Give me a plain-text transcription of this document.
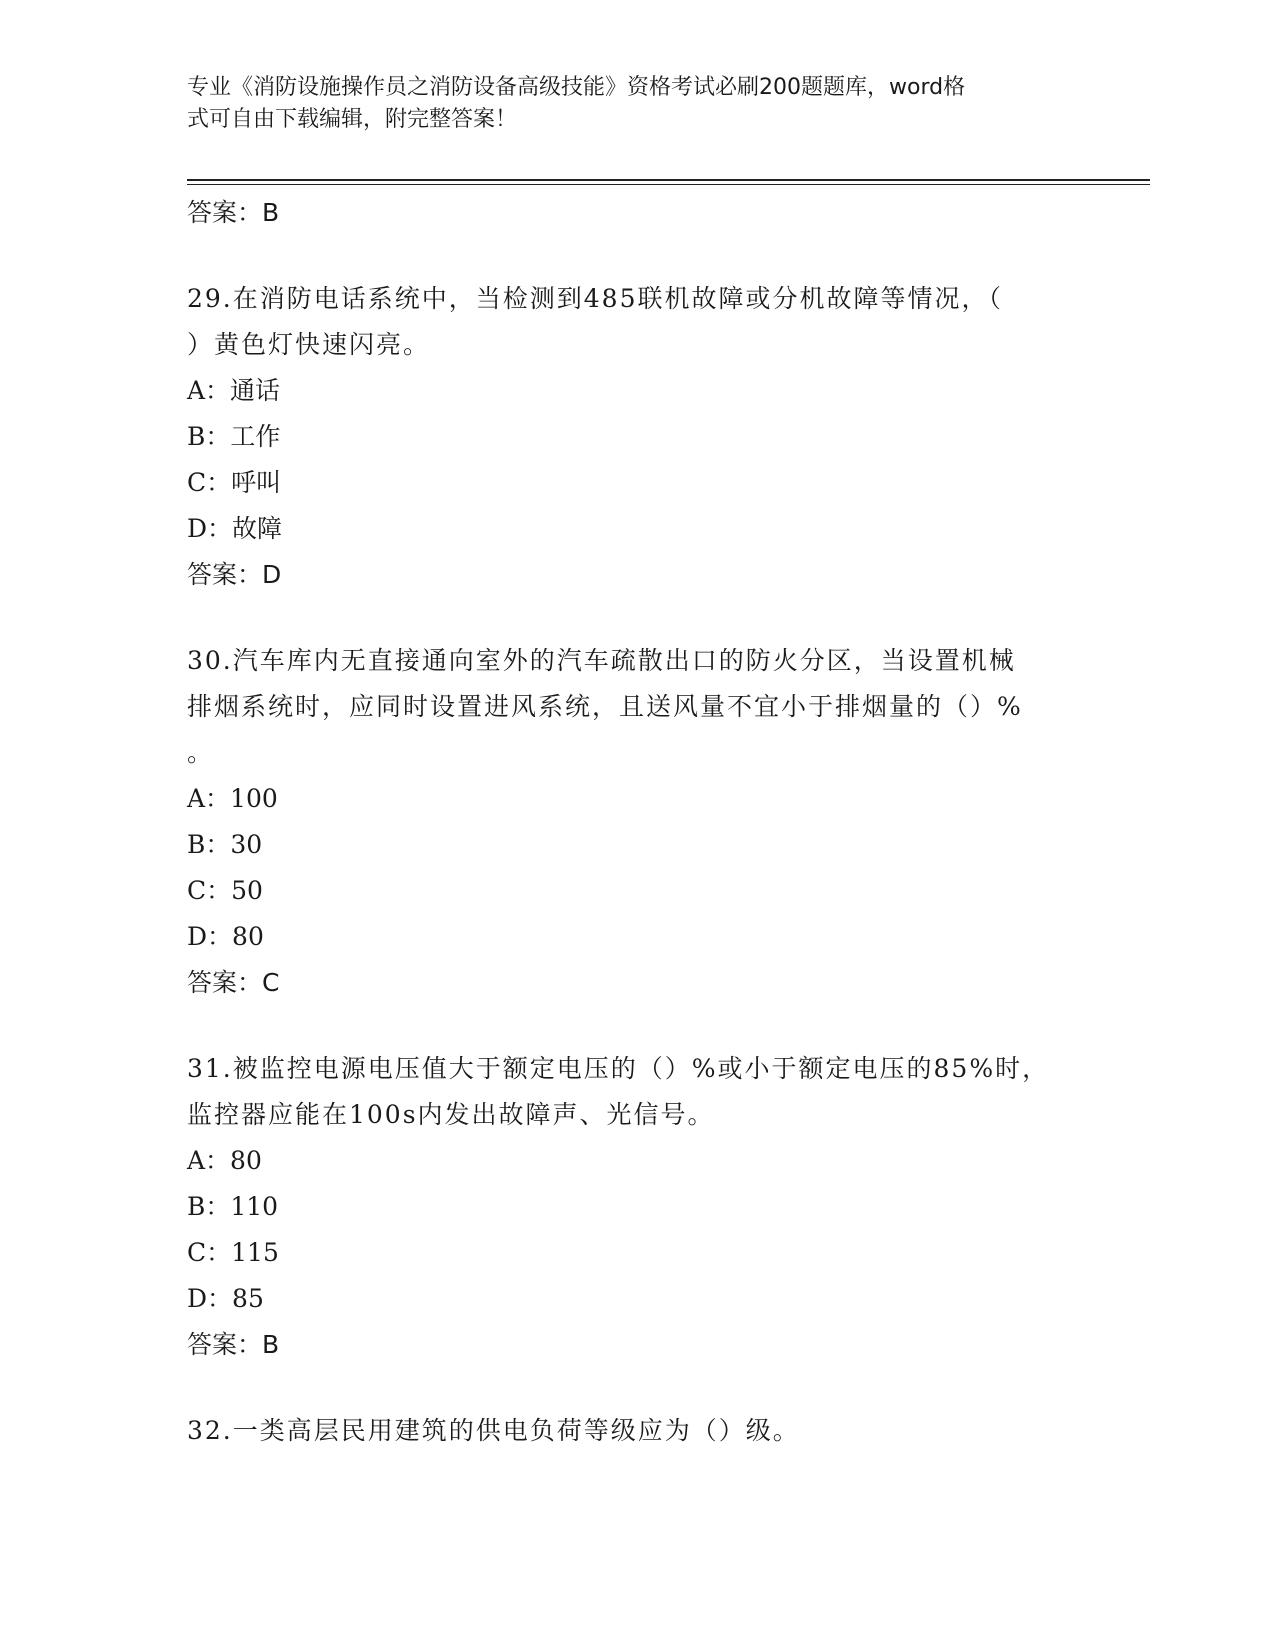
专业《消防设施操作员之消防设备高级技能》资格考试必刷200题题库，word格
式可自由下载编辑，附完整答案！
答案：B

29.在消防电话系统中，当检测到485联机故障或分机故障等情况，（

）黄色灯快速闪亮。

A：通话
B：工作
C：呼叫
D：故障
答案：D

30.汽车库内无直接通向室外的汽车疏散出口的防火分区，当设置机械

排烟系统时，应同时设置进风系统，且送风量不宜小于排烟量的（）%

。

A：100
B：30
C：50
D：80
答案：C

31.被监控电源电压值大于额定电压的（）%或小于额定电压的85%时，

监控器应能在100s内发出故障声、光信号。

A：80
B：110
C：115
D：85
答案：B
32.一类高层民用建筑的供电负荷等级应为（）级。
